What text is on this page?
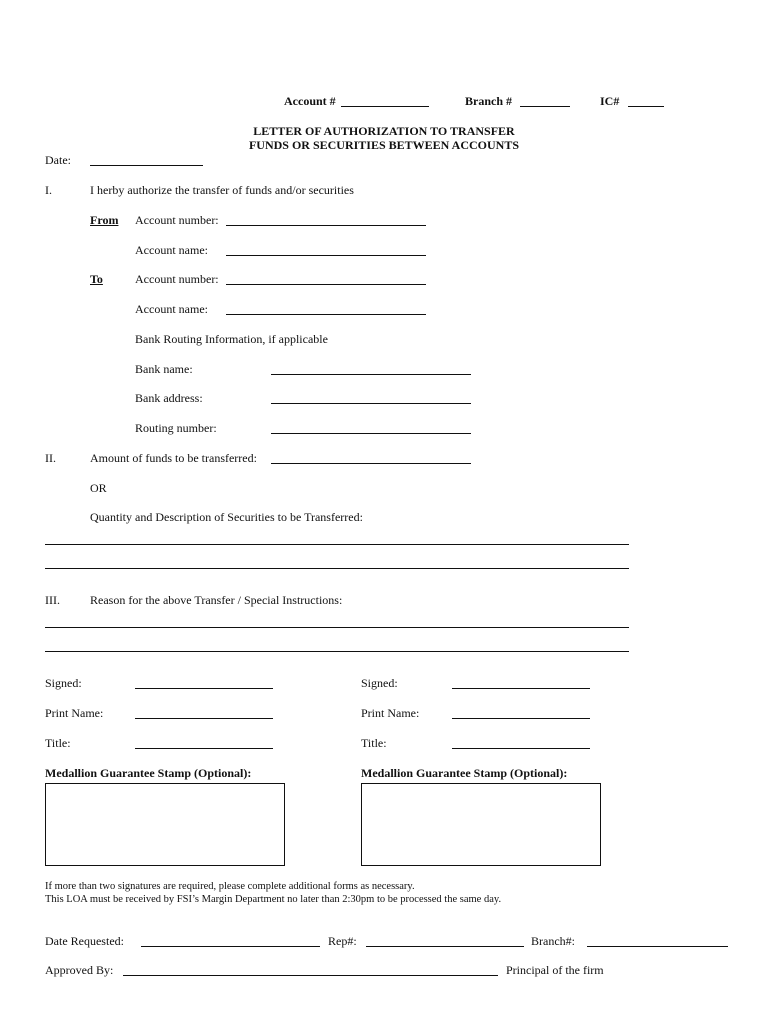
Account #	Branch #	IC#
LETTER OF AUTHORIZATION TO TRANSFER
FUNDS OR SECURITIES BETWEEN ACCOUNTS
Date:
I.	I herby authorize the transfer of funds and/or securities
From Account number:
Account name:
To	Account number:
Account name:
Bank Routing Information, if applicable
Bank name:
Bank address:
Routing number:
II.	Amount of funds to be transferred:
OR
Quantity and Description of Securities to be Transferred:
III.	Reason for the above Transfer / Special Instructions:
Signed:
Print Name:
Title:
Signed:
Print Name:
Title:
Medallion Guarantee Stamp (Optional):	Medallion Guarantee Stamp (Optional):
If more than two signatures are required, please complete additional forms as necessary.
This LOA must be received by FSI’s Margin Department no later than 2:30pm to be processed the same day.
Date Requested:	Rep#:	Branch#:
Approved By:	Principal of the firm
